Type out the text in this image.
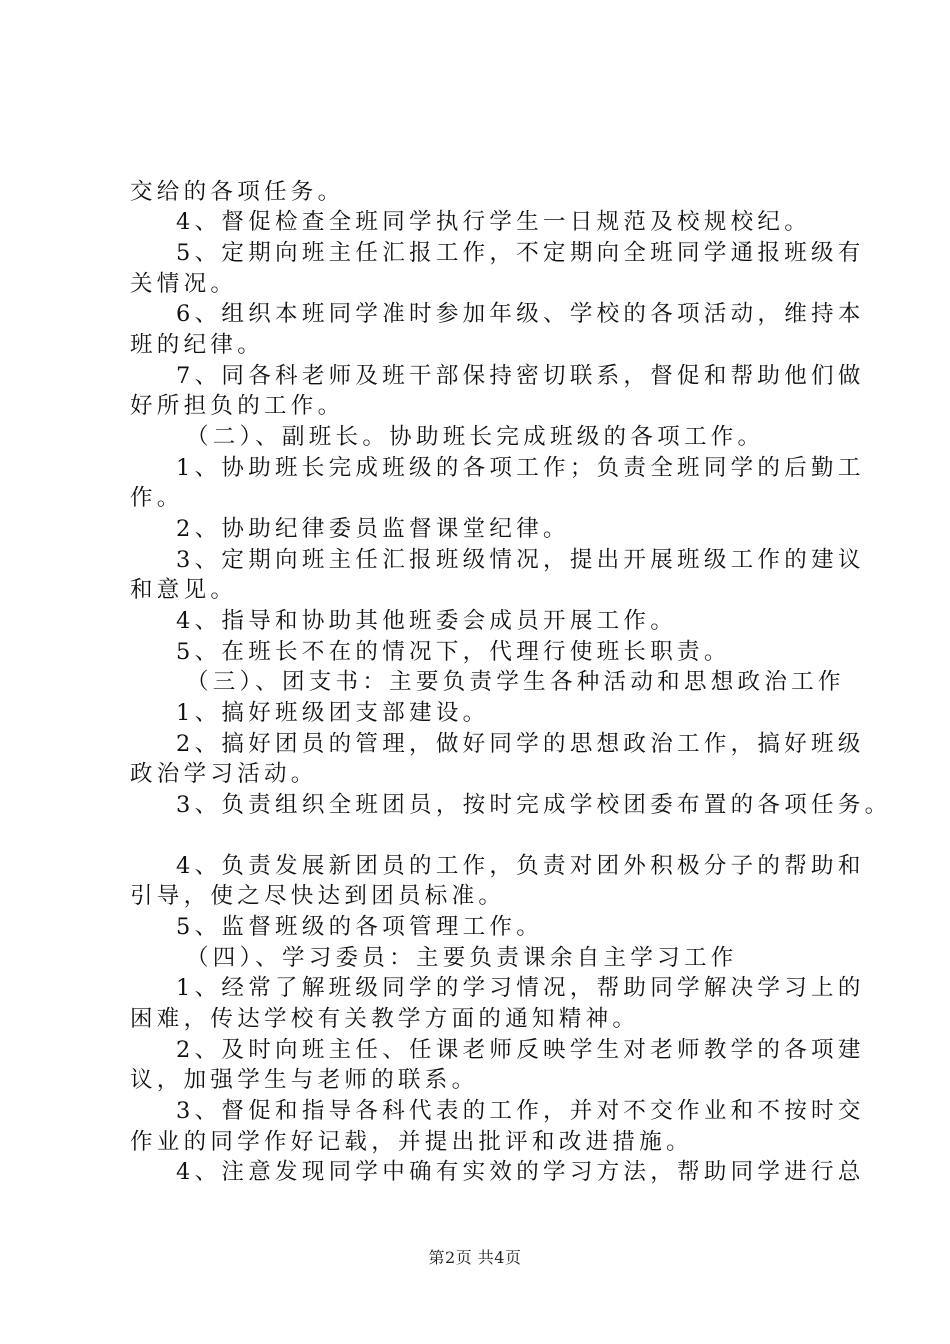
交给的各项任务。

4、督促检查全班同学执行学生一日规范及校规校纪。

5、定期向班主任汇报工作，不定期向全班同学通报班级有

关情况。

6、组织本班同学准时参加年级、学校的各项活动，维持本

班的纪律。

7、同各科老师及班干部保持密切联系，督促和帮助他们做

好所担负的工作。

（二）、副班长。协助班长完成班级的各项工作。

1、协助班长完成班级的各项工作；负责全班同学的后勤工

作。

2、协助纪律委员监督课堂纪律。

3、定期向班主任汇报班级情况，提出开展班级工作的建议

和意见。

4、指导和协助其他班委会成员开展工作。

5、在班长不在的情况下，代理行使班长职责。

（三）、团支书：主要负责学生各种活动和思想政治工作

1、搞好班级团支部建设。

2、搞好团员的管理，做好同学的思想政治工作，搞好班级

政治学习活动。

3、负责组织全班团员，按时完成学校团委布置的各项任务。

4、负责发展新团员的工作，负责对团外积极分子的帮助和

引导，使之尽快达到团员标准。

5、监督班级的各项管理工作。

（四）、学习委员：主要负责课余自主学习工作

1、经常了解班级同学的学习情况，帮助同学解决学习上的

困难，传达学校有关教学方面的通知精神。

2、及时向班主任、任课老师反映学生对老师教学的各项建

议，加强学生与老师的联系。

3、督促和指导各科代表的工作，并对不交作业和不按时交

作业的同学作好记载，并提出批评和改进措施。

4、注意发现同学中确有实效的学习方法，帮助同学进行总

第2页 共4页
